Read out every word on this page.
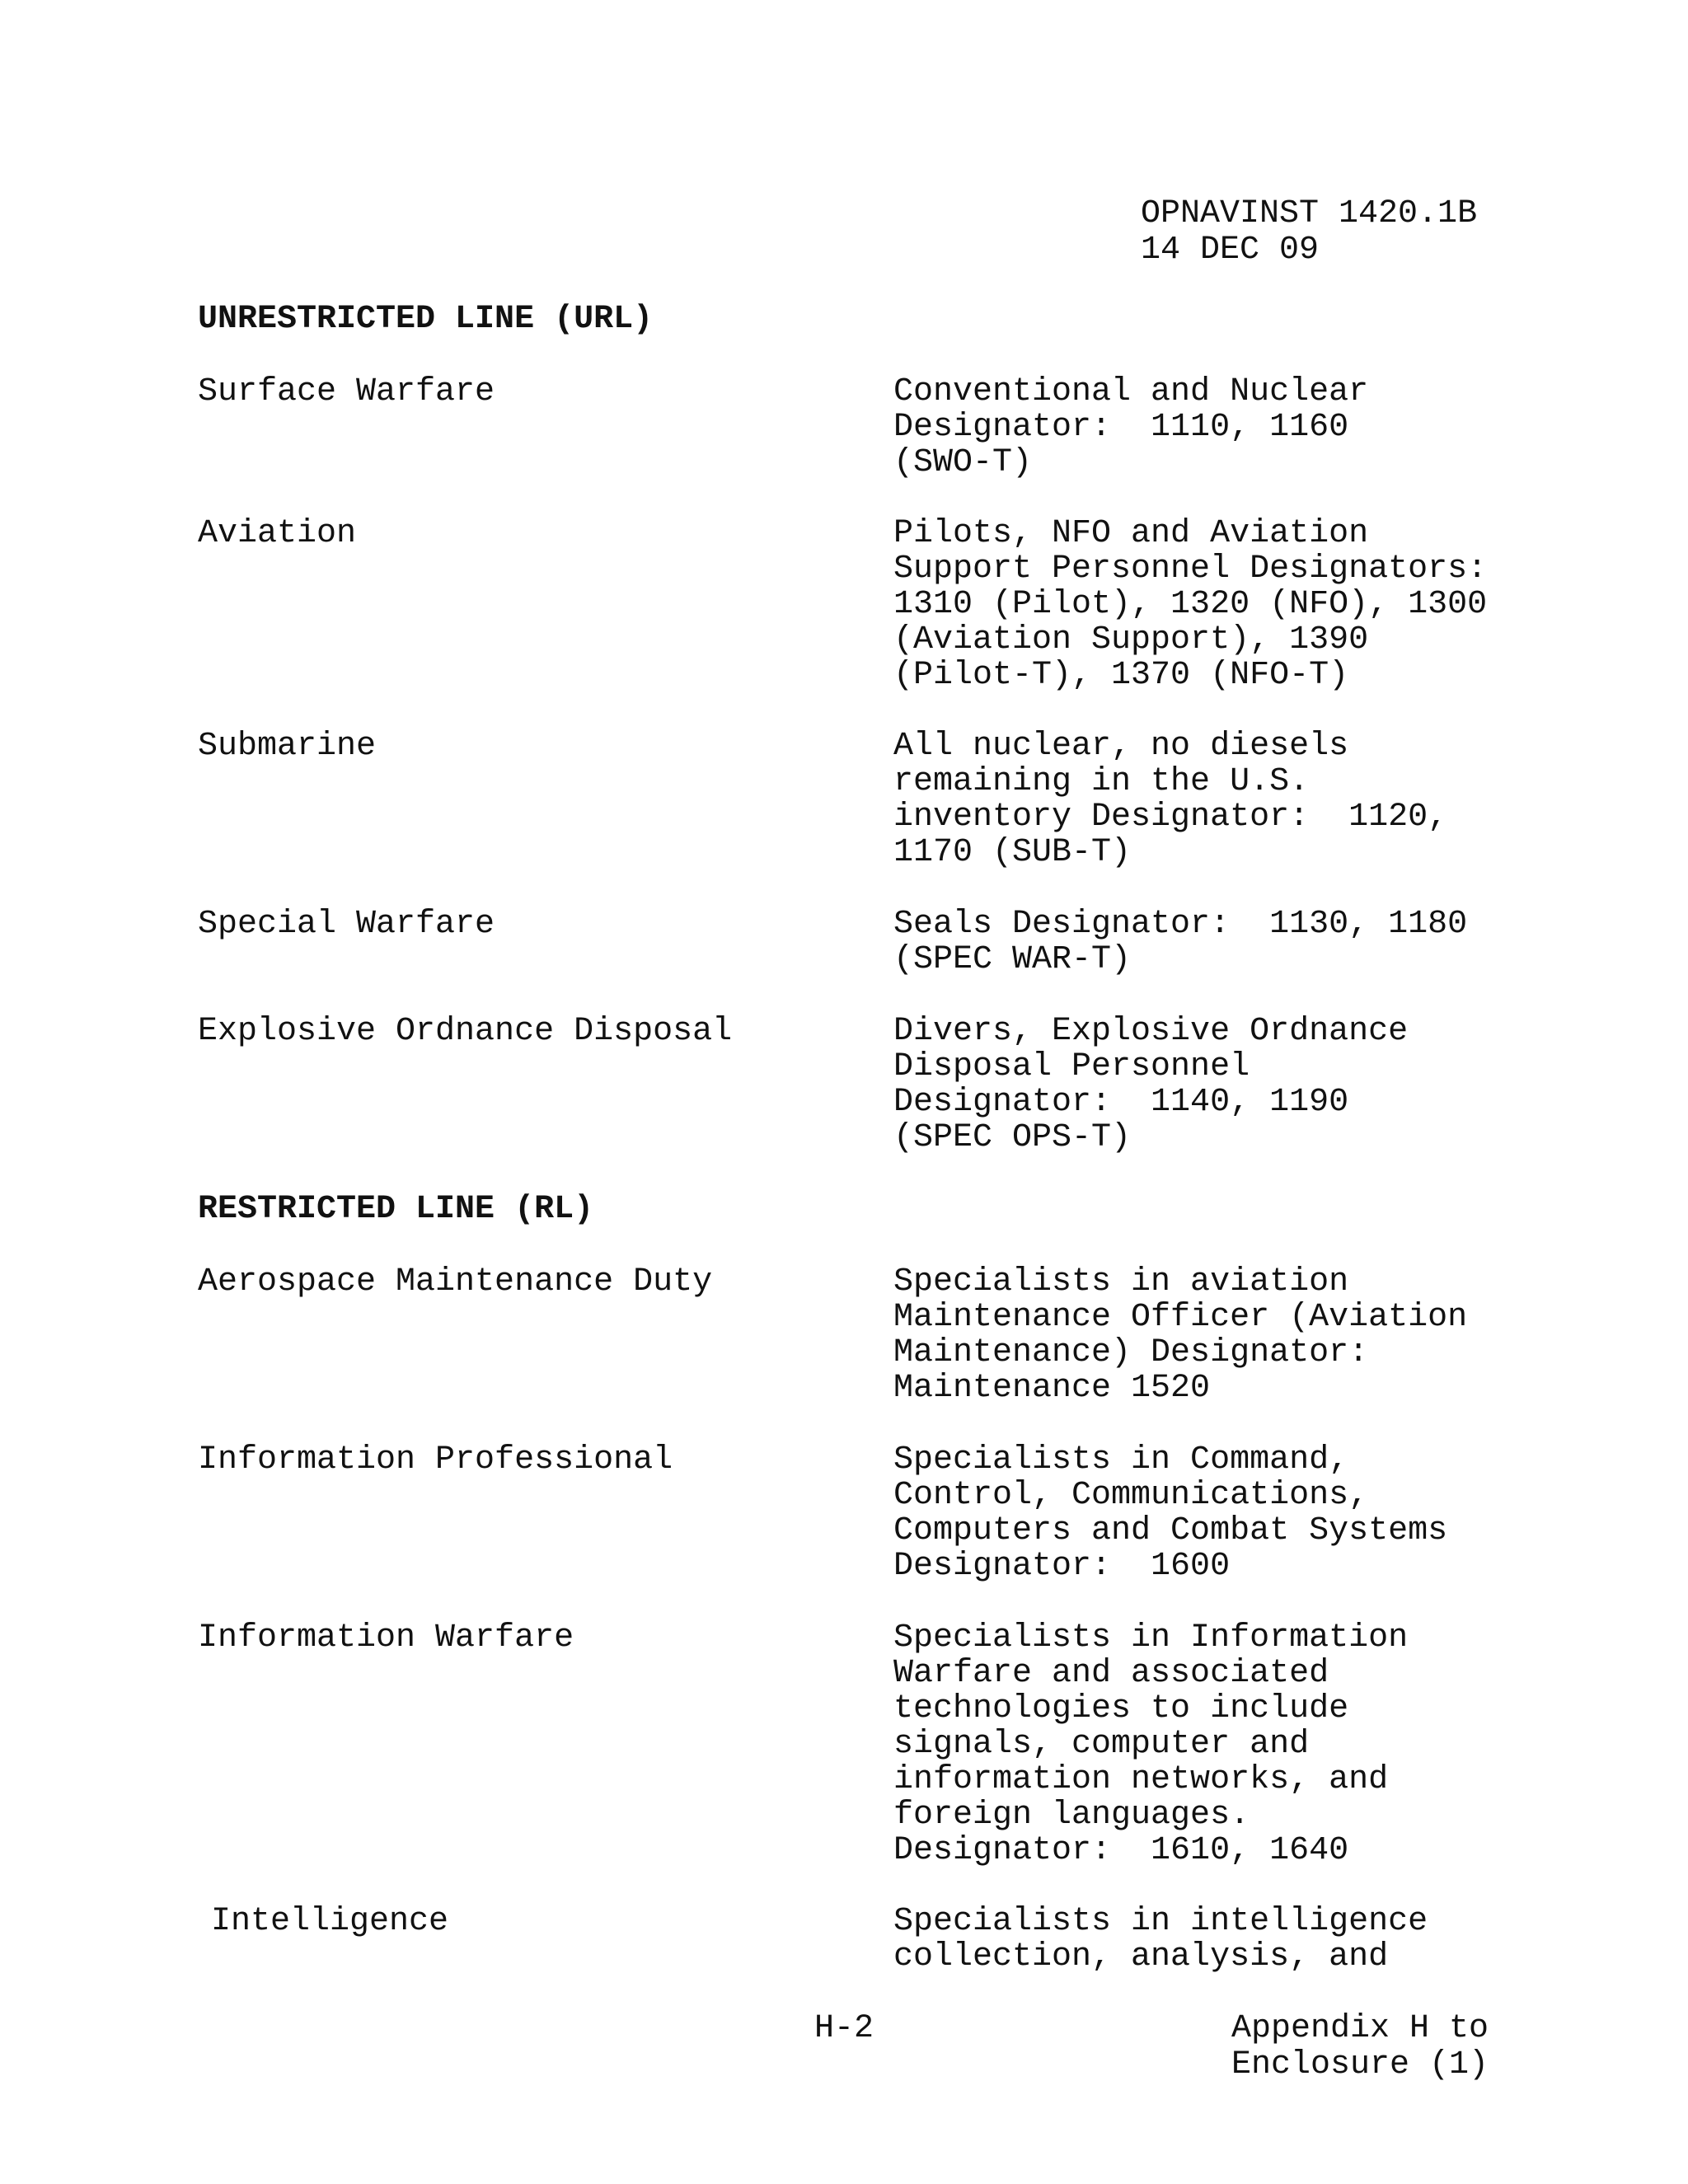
OPNAVINST 1420.1B
14 DEC 09
UNRESTRICTED LINE (URL)
Surface Warfare	Conventional and Nuclear
Designator:  1110, 1160
(SWO-T)
Aviation	Pilots, NFO and Aviation
Support Personnel Designators:
1310 (Pilot), 1320 (NFO), 1300
(Aviation Support), 1390
(Pilot-T), 1370 (NFO-T)
Submarine	All nuclear, no diesels
remaining in the U.S.
inventory Designator:  1120,
1170 (SUB-T)
Special Warfare	Seals Designator:  1130, 1180
(SPEC WAR-T)
Explosive Ordnance Disposal	Divers, Explosive Ordnance
Disposal Personnel
Designator:  1140, 1190
(SPEC OPS-T)
RESTRICTED LINE (RL)
Aerospace Maintenance Duty	Specialists in aviation
Maintenance Officer (Aviation
Maintenance) Designator:
Maintenance 1520
Information Professional	Specialists in Command,
Control, Communications,
Computers and Combat Systems
Designator:  1600
Information Warfare	Specialists in Information
Warfare and associated
technologies to include
signals, computer and
information networks, and
foreign languages.
Designator:  1610, 1640
Intelligence	Specialists in intelligence
collection, analysis, and
H-2	Appendix H to
Enclosure (1)
